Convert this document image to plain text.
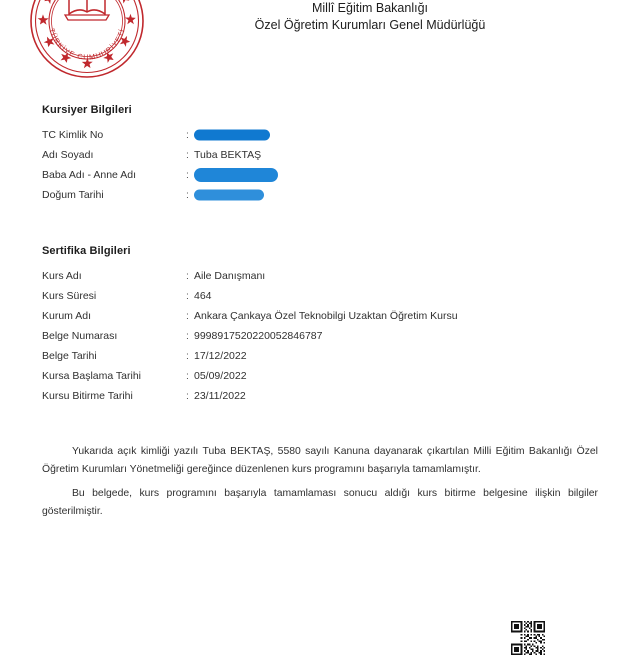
TÜRKİYE CUMHURİYETİ
Millî Eğitim Bakanlığı
Özel Öğretim Kurumları Genel Müdürlüğü
Kursiyer Bilgileri
TC Kimlik No	:
Adı Soyadı	: Tuba BEKTAŞ
Baba Adı - Anne Adı	:
Doğum Tarihi	:
Sertifika Bilgileri
Kurs Adı	: Aile Danışmanı
Kurs Süresi	: 464
Kurum Adı	: Ankara Çankaya Özel Teknobilgi Uzaktan Öğretim Kursu
Belge Numarası	: 9998917520220052846787
Belge Tarihi	: 17/12/2022
Kursa Başlama Tarihi	: 05/09/2022
Kursu Bitirme Tarihi	: 23/11/2022

Yukarıda açık kimliği yazılı Tuba BEKTAŞ, 5580 sayılı Kanuna dayanarak çıkartılan Milli Eğitim Bakanlığı Özel Öğretim Kurumları Yönetmeliği gereğince düzenlenen kurs programını başarıyla tamamlamıştır.

Bu belgede, kurs programını başarıyla tamamlaması sonucu aldığı kurs bitirme belgesine ilişkin bilgiler gösterilmiştir.
